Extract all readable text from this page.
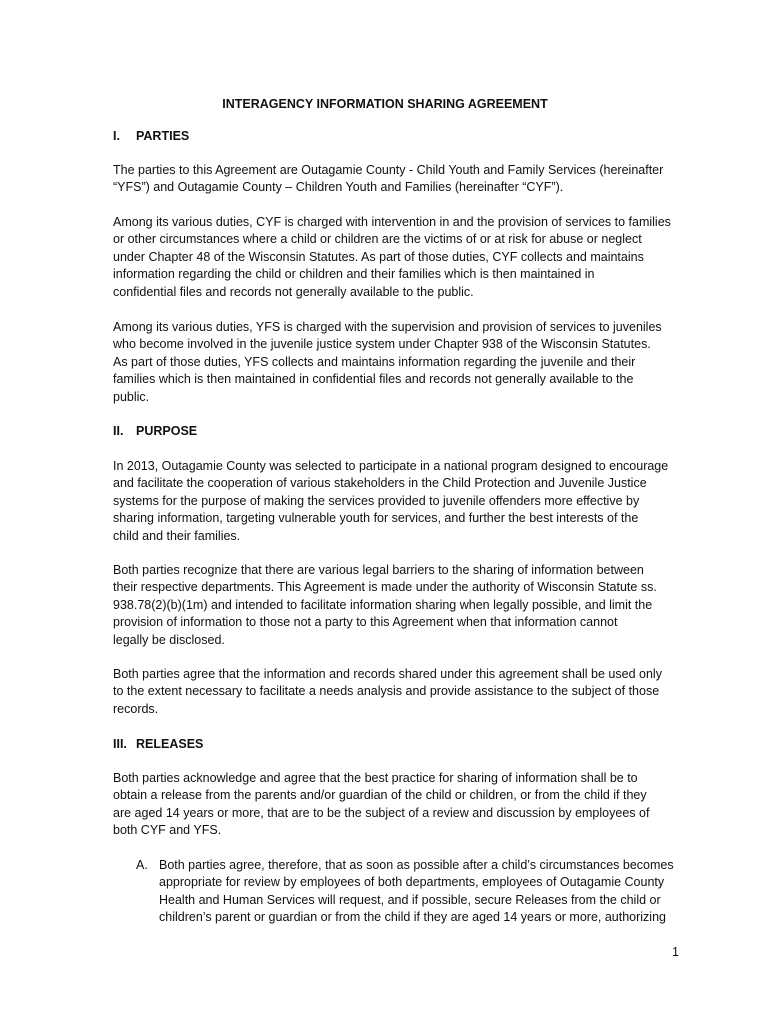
INTERAGENCY INFORMATION SHARING AGREEMENT
I. PARTIES
The parties to this Agreement are Outagamie County - Child Youth and Family Services (hereinafter
“YFS”) and Outagamie County – Children Youth and Families (hereinafter “CYF”).
Among its various duties, CYF is charged with intervention in and the provision of services to families
or other circumstances where a child or children are the victims of or at risk for abuse or neglect
under Chapter 48 of the Wisconsin Statutes. As part of those duties, CYF collects and maintains
information regarding the child or children and their families which is then maintained in
confidential files and records not generally available to the public.
Among its various duties, YFS is charged with the supervision and provision of services to juveniles
who become involved in the juvenile justice system under Chapter 938 of the Wisconsin Statutes.
As part of those duties, YFS collects and maintains information regarding the juvenile and their
families which is then maintained in confidential files and records not generally available to the
public.
II. PURPOSE
In 2013, Outagamie County was selected to participate in a national program designed to encourage
and facilitate the cooperation of various stakeholders in the Child Protection and Juvenile Justice
systems for the purpose of making the services provided to juvenile offenders more effective by
sharing information, targeting vulnerable youth for services, and further the best interests of the
child and their families.
Both parties recognize that there are various legal barriers to the sharing of information between
their respective departments. This Agreement is made under the authority of Wisconsin Statute ss.
938.78(2)(b)(1m) and intended to facilitate information sharing when legally possible, and limit the
provision of information to those not a party to this Agreement when that information cannot
legally be disclosed.
Both parties agree that the information and records shared under this agreement shall be used only
to the extent necessary to facilitate a needs analysis and provide assistance to the subject of those
records.
III. RELEASES
Both parties acknowledge and agree that the best practice for sharing of information shall be to
obtain a release from the parents and/or guardian of the child or children, or from the child if they
are aged 14 years or more, that are to be the subject of a review and discussion by employees of
both CYF and YFS.
A. Both parties agree, therefore, that as soon as possible after a child’s circumstances becomes
appropriate for review by employees of both departments, employees of Outagamie County
Health and Human Services will request, and if possible, secure Releases from the child or
children’s parent or guardian or from the child if they are aged 14 years or more, authorizing
1
